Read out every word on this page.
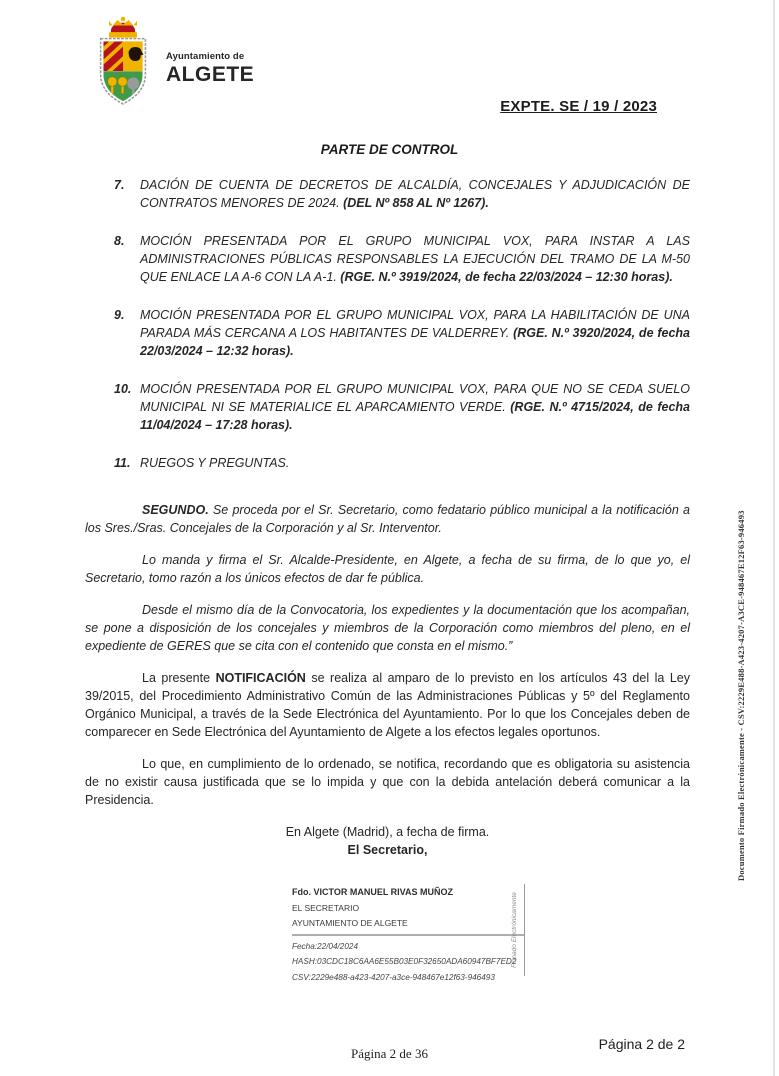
Ayuntamiento de
ALGETE
EXPTE. SE / 19 / 2023
PARTE DE CONTROL
7.	DACIÓN DE CUENTA DE DECRETOS DE ALCALDÍA, CONCEJALES Y ADJUDICACIÓN DE CONTRATOS MENORES DE 2024. (DEL Nº 858 AL Nº 1267).
8.	MOCIÓN PRESENTADA POR EL GRUPO MUNICIPAL VOX, PARA INSTAR A LAS ADMINISTRACIONES PÚBLICAS RESPONSABLES LA EJECUCIÓN DEL TRAMO DE LA M-50 QUE ENLACE LA A-6 CON LA A-1. (RGE. N.º 3919/2024, de fecha 22/03/2024 – 12:30 horas).
9.	MOCIÓN PRESENTADA POR EL GRUPO MUNICIPAL VOX, PARA LA HABILITACIÓN DE UNA PARADA MÁS CERCANA A LOS HABITANTES DE VALDERREY. (RGE. N.º 3920/2024, de fecha 22/03/2024 – 12:32 horas).
10. MOCIÓN PRESENTADA POR EL GRUPO MUNICIPAL VOX, PARA QUE NO SE CEDA SUELO MUNICIPAL NI SE MATERIALICE EL APARCAMIENTO VERDE. (RGE. N.º 4715/2024, de fecha 11/04/2024 – 17:28 horas).
11. RUEGOS Y PREGUNTAS.

SEGUNDO. Se proceda por el Sr. Secretario, como fedatario público municipal a la notificación a los Sres./Sras. Concejales de la Corporación y al Sr. Interventor.

Lo manda y firma el Sr. Alcalde-Presidente, en Algete, a fecha de su firma, de lo que yo, el Secretario, tomo razón a los únicos efectos de dar fe pública.

Desde el mismo día de la Convocatoria, los expedientes y la documentación que los acompañan, se pone a disposición de los concejales y miembros de la Corporación como miembros del pleno, en el expediente de GERES que se cita con el contenido que consta en el mismo.”

La presente NOTIFICACIÓN se realiza al amparo de lo previsto en los artículos 43 del la Ley 39/2015, del Procedimiento Administrativo Común de las Administraciones Públicas y 5º del Reglamento Orgánico Municipal, a través de la Sede Electrónica del Ayuntamiento. Por lo que los Concejales deben de comparecer en Sede Electrónica del Ayuntamiento de Algete a los efectos legales oportunos.

Lo que, en cumplimiento de lo ordenado, se notifica, recordando que es obligatoria su asistencia de no existir causa justificada que se lo impida y que con la debida antelación deberá comunicar a la Presidencia.

En Algete (Madrid), a fecha de firma.
El Secretario,
Fdo. VICTOR MANUEL RIVAS MUÑOZ
EL SECRETARIO
AYUNTAMIENTO DE ALGETE
Fecha:22/04/2024
HASH:03CDC18C6AA6E55B03E0F32650ADA60947BF7ED2
CSV:2229e488-a423-4207-a3ce-948467e12f63-946493
Firmado Electrónicamente
Documento Firmado Electrónicamente - CSV:2229E488-A423-4207-A3CE-948467E12F63-946493
Página 2 de 36
Página 2 de 2
